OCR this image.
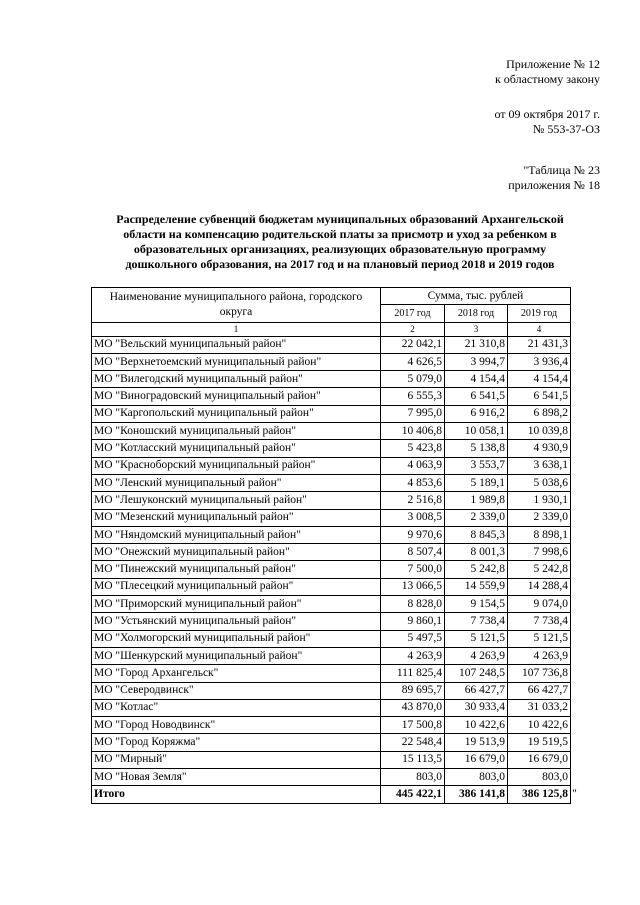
Приложение № 12
к областному закону
от 09 октября 2017 г.
№ 553-37-ОЗ
"Таблица № 23
приложения № 18
Распределение субвенций бюджетам муниципальных образований Архангельской
области на компенсацию родительской платы за присмотр и уход за ребенком в
образовательных организациях, реализующих образовательную программу
дошкольного образования, на 2017 год и на плановый период 2018 и 2019 годов
Наименование муниципального района, городского округа	Сумма, тыс. рублей		
	2017 год	2018 год	2019 год
1	2	3	4
МО "Вельский муниципальный район"	22 042,1	21 310,8	21 431,3
МО "Верхнетоемский муниципальный район"	4 626,5	3 994,7	3 936,4
МО "Вилегодский муниципальный район"	5 079,0	4 154,4	4 154,4
МО "Виноградовский муниципальный район"	6 555,3	6 541,5	6 541,5
МО "Каргопольский муниципальный район"	7 995,0	6 916,2	6 898,2
МО "Коношский муниципальный район"	10 406,8	10 058,1	10 039,8
МО "Котласский муниципальный район"	5 423,8	5 138,8	4 930,9
МО "Красноборский муниципальный район"	4 063,9	3 553,7	3 638,1
МО "Ленский муниципальный район"	4 853,6	5 189,1	5 038,6
МО "Лешуконский муниципальный район"	2 516,8	1 989,8	1 930,1
МО "Мезенский муниципальный район"	3 008,5	2 339,0	2 339,0
МО "Няндомский муниципальный район"	9 970,6	8 845,3	8 898,1
МО "Онежский муниципальный район"	8 507,4	8 001,3	7 998,6
МО "Пинежский муниципальный район"	7 500,0	5 242,8	5 242,8
МО "Плесецкий муниципальный район"	13 066,5	14 559,9	14 288,4
МО "Приморский муниципальный район"	8 828,0	9 154,5	9 074,0
МО "Устьянский муниципальный район"	9 860,1	7 738,4	7 738,4
МО "Холмогорский муниципальный район"	5 497,5	5 121,5	5 121,5
МО "Шенкурский муниципальный район"	4 263,9	4 263,9	4 263,9
МО "Город Архангельск"	111 825,4	107 248,5	107 736,8
МО "Северодвинск"	89 695,7	66 427,7	66 427,7
МО "Котлас"	43 870,0	30 933,4	31 033,2
МО "Город Новодвинск"	17 500,8	10 422,6	10 422,6
МО "Город Коряжма"	22 548,4	19 513,9	19 519,5
МО "Мирный"	15 113,5	16 679,0	16 679,0
МО "Новая Земля"	803,0	803,0	803,0
Итого	445 422,1	386 141,8	386 125,8 "
